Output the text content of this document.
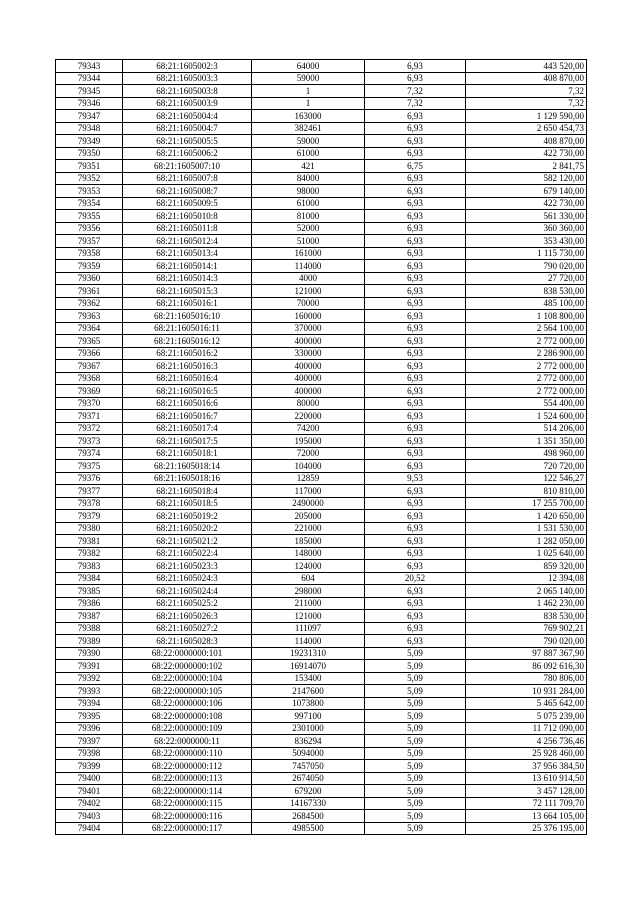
79343	68:21:1605002:3	64000	6,93	443 520,00
79344	68:21:1605003:3	59000	6,93	408 870,00
79345	68:21:1605003:8	1	7,32	7,32
79346	68:21:1605003:9	1	7,32	7,32
79347	68:21:1605004:4	163000	6,93	1 129 590,00
79348	68:21:1605004:7	382461	6,93	2 650 454,73
79349	68:21:1605005:5	59000	6,93	408 870,00
79350	68:21:1605006:2	61000	6,93	422 730,00
79351	68:21:1605007:10	421	6,75	2 841,75
79352	68:21:1605007:8	84000	6,93	582 120,00
79353	68:21:1605008:7	98000	6,93	679 140,00
79354	68:21:1605009:5	61000	6,93	422 730,00
79355	68:21:1605010:8	81000	6,93	561 330,00
79356	68:21:1605011:8	52000	6,93	360 360,00
79357	68:21:1605012:4	51000	6,93	353 430,00
79358	68:21:1605013:4	161000	6,93	1 115 730,00
79359	68:21:1605014:1	114000	6,93	790 020,00
79360	68:21:1605014:3	4000	6,93	27 720,00
79361	68:21:1605015:3	121000	6,93	838 530,00
79362	68:21:1605016:1	70000	6,93	485 100,00
79363	68:21:1605016:10	160000	6,93	1 108 800,00
79364	68:21:1605016:11	370000	6,93	2 564 100,00
79365	68:21:1605016:12	400000	6,93	2 772 000,00
79366	68:21:1605016:2	330000	6,93	2 286 900,00
79367	68:21:1605016:3	400000	6,93	2 772 000,00
79368	68:21:1605016:4	400000	6,93	2 772 000,00
79369	68:21:1605016:5	400000	6,93	2 772 000,00
79370	68:21:1605016:6	80000	6,93	554 400,00
79371	68:21:1605016:7	220000	6,93	1 524 600,00
79372	68:21:1605017:4	74200	6,93	514 206,00
79373	68:21:1605017:5	195000	6,93	1 351 350,00
79374	68:21:1605018:1	72000	6,93	498 960,00
79375	68:21:1605018:14	104000	6,93	720 720,00
79376	68:21:1605018:16	12859	9,53	122 546,27
79377	68:21:1605018:4	117000	6,93	810 810,00
79378	68:21:1605018:5	2490000	6,93	17 255 700,00
79379	68:21:1605019:2	205000	6,93	1 420 650,00
79380	68:21:1605020:2	221000	6,93	1 531 530,00
79381	68:21:1605021:2	185000	6,93	1 282 050,00
79382	68:21:1605022:4	148000	6,93	1 025 640,00
79383	68:21:1605023:3	124000	6,93	859 320,00
79384	68:21:1605024:3	604	20,52	12 394,08
79385	68:21:1605024:4	298000	6,93	2 065 140,00
79386	68:21:1605025:2	211000	6,93	1 462 230,00
79387	68:21:1605026:3	121000	6,93	838 530,00
79388	68:21:1605027:2	111097	6,93	769 902,21
79389	68:21:1605028:3	114000	6,93	790 020,00
79390	68:22:0000000:101	19231310	5,09	97 887 367,90
79391	68:22:0000000:102	16914070	5,09	86 092 616,30
79392	68:22:0000000:104	153400	5,09	780 806,00
79393	68:22:0000000:105	2147600	5,09	10 931 284,00
79394	68:22:0000000:106	1073800	5,09	5 465 642,00
79395	68:22:0000000:108	997100	5,09	5 075 239,00
79396	68:22:0000000:109	2301000	5,09	11 712 090,00
79397	68:22:0000000:11	836294	5,09	4 256 736,46
79398	68:22:0000000:110	5094000	5,09	25 928 460,00
79399	68:22:0000000:112	7457050	5,09	37 956 384,50
79400	68:22:0000000:113	2674050	5,09	13 610 914,50
79401	68:22:0000000:114	679200	5,09	3 457 128,00
79402	68:22:0000000:115	14167330	5,09	72 111 709,70
79403	68:22:0000000:116	2684500	5,09	13 664 105,00
79404	68:22:0000000:117	4985500	5,09	25 376 195,00
